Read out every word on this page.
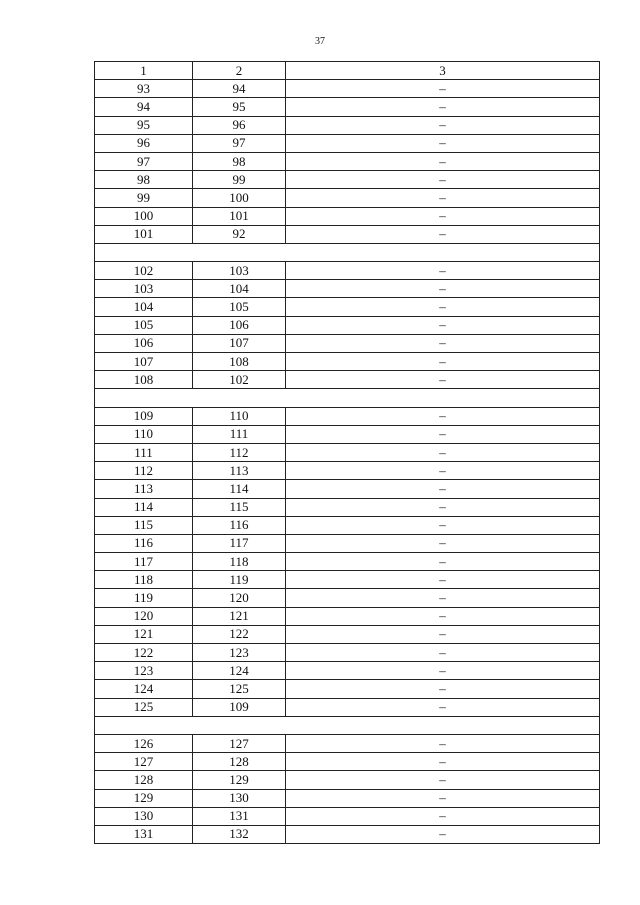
37
1	2	3
93	94	–
94	95	–
95	96	–
96	97	–
97	98	–
98	99	–
99	100	–
100	101	–
101	92	–

102	103	–
103	104	–
104	105	–
105	106	–
106	107	–
107	108	–
108	102	–

109	110	–
110	111	–
111	112	–
112	113	–
113	114	–
114	115	–
115	116	–
116	117	–
117	118	–
118	119	–
119	120	–
120	121	–
121	122	–
122	123	–
123	124	–
124	125	–
125	109	–

126	127	–
127	128	–
128	129	–
129	130	–
130	131	–
131	132	–
